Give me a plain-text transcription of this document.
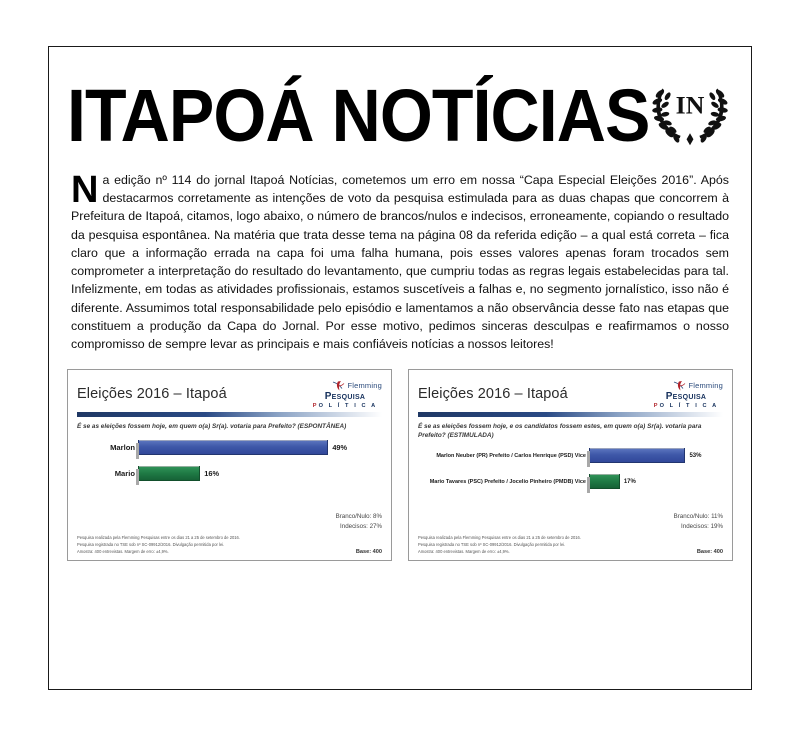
ITAPOÁ NOTÍCIAS IN
Na edição nº 114 do jornal Itapoá Notícias, cometemos um erro em nossa “Capa Especial Eleições 2016”. Após destacarmos corretamente as intenções de voto da pesquisa estimulada para as duas chapas que concorrem à Prefeitura de Itapoá, citamos, logo abaixo, o número de brancos/nulos e indecisos, erroneamente, copiando o resultado da pesquisa espontânea. Na matéria que trata desse tema na página 08 da referida edição – a qual está correta – fica claro que a informação errada na capa foi uma falha humana, pois esses valores apenas foram trocados sem comprometer a interpretação do resultado do levantamento, que cumpriu todas as regras legais estabelecidas para tal. Infelizmente, em todas as atividades profissionais, estamos suscetíveis a falhas e, no segmento jornalístico, isso não é diferente. Assumimos total responsabilidade pelo episódio e lamentamos a não observância desse fato nas etapas que constituem a produção da Capa do Jornal. Por esse motivo, pedimos sinceras desculpas e reafirmamos o nosso compromisso de sempre levar as principais e mais confiáveis notícias a nossos leitores!
Eleições 2016 – Itapoá
Flemming
Pesquisa
PO L Í T I C A
É se as eleições fossem hoje, em quem o(a) Sr(a). votaria para Prefeito? (ESPONTÂNEA)
Marlon	49%
Mario	16%
Branco/Nulo: 8%
Indecisos: 27%
Pesquisa realizada pela Flemming Pesquisas entre os dias 21 a 25 de setembro de 2016.
Pesquisa registrada no TSE sob nº SC-09912/2016. Divulgação permitida por lei.
Amostra: 400 entrevistas. Margem de erro: ±4,9%.	Base: 400
Eleições 2016 – Itapoá
Flemming
Pesquisa
PO L Í T I C A
É se as eleições fossem hoje, e os candidatos fossem estes, em quem o(a) Sr(a). votaria para Prefeito? (ESTIMULADA)
Marlon Neuber (PR) Prefeito / Carlos Henrique (PSD) Vice	53%
Mario Tavares (PSC) Prefeito / Jocelio Pinheiro (PMDB) Vice	17%
Branco/Nulo: 11%
Indecisos: 19%
Pesquisa realizada pela Flemming Pesquisas entre os dias 21 a 25 de setembro de 2016.
Pesquisa registrada no TSE sob nº SC-09912/2016. Divulgação permitida por lei.
Amostra: 400 entrevistas. Margem de erro: ±4,9%.	Base: 400
